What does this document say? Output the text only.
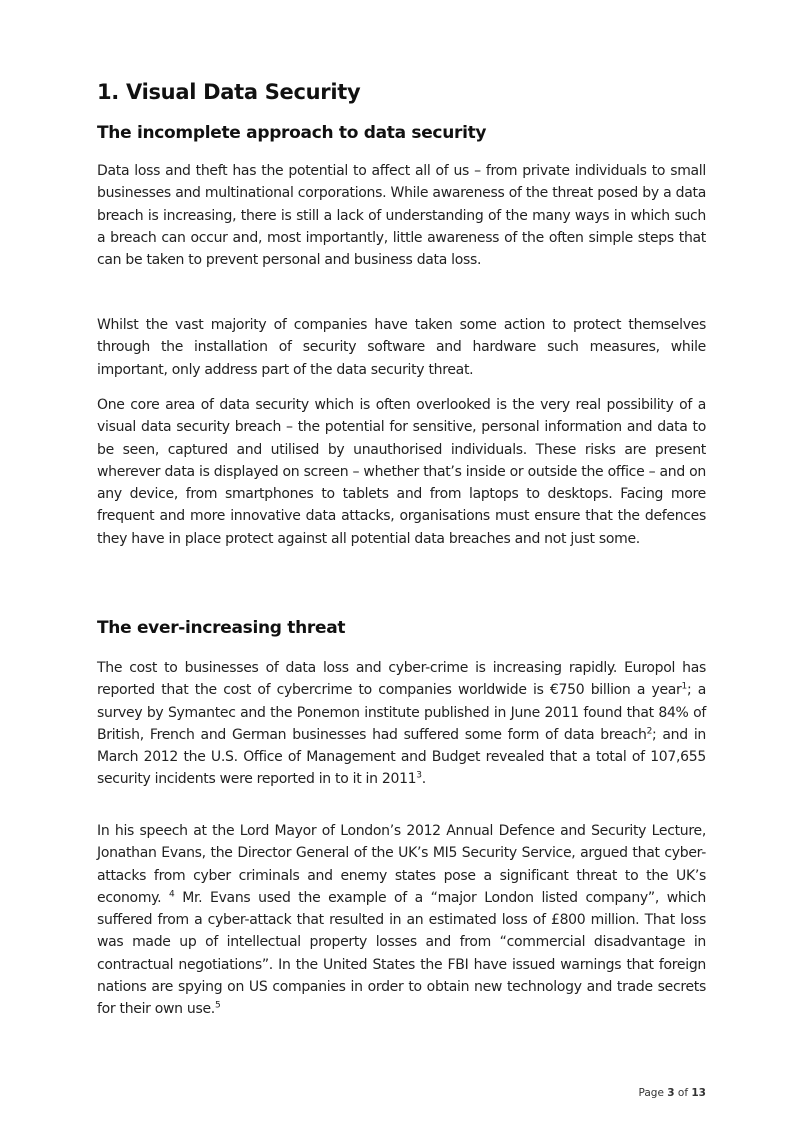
1. Visual Data Security
The incomplete approach to data security

Data loss and theft has the potential to affect all of us – from private individuals to small businesses and multinational corporations. While awareness of the threat posed by a data breach is increasing, there is still a lack of understanding of the many ways in which such a breach can occur and, most importantly, little awareness of the often simple steps that can be taken to prevent personal and business data loss.

Whilst the vast majority of companies have taken some action to protect themselves through the installation of security software and hardware such measures, while important, only address part of the data security threat.

One core area of data security which is often overlooked is the very real possibility of a visual data security breach – the potential for sensitive, personal information and data to be seen, captured and utilised by unauthorised individuals. These risks are present wherever data is displayed on screen – whether that’s inside or outside the office – and on any device, from smartphones to tablets and from laptops to desktops. Facing more frequent and more innovative data attacks, organisations must ensure that the defences they have in place protect against all potential data breaches and not just some.

The ever-increasing threat

The cost to businesses of data loss and cyber-crime is increasing rapidly. Europol has reported that the cost of cybercrime to companies worldwide is €750 billion a year$^1$; a survey by Symantec and the Ponemon institute published in June 2011 found that 84% of British, French and German businesses had suffered some form of data breach$^2$; and in March 2012 the U.S. Office of Management and Budget revealed that a total of 107,655 security incidents were reported in to it in 2011$^3$.

In his speech at the Lord Mayor of London’s 2012 Annual Defence and Security Lecture, Jonathan Evans, the Director General of the UK’s MI5 Security Service, argued that cyber-attacks from cyber criminals and enemy states pose a significant threat to the UK’s economy. $^4$ Mr. Evans used the example of a “major London listed company”, which suffered from a cyber-attack that resulted in an estimated loss of £800 million. That loss was made up of intellectual property losses and from “commercial disadvantage in contractual negotiations”. In the United States the FBI have issued warnings that foreign nations are spying on US companies in order to obtain new technology and trade secrets for their own use.$^5$

Page 3 of 13
